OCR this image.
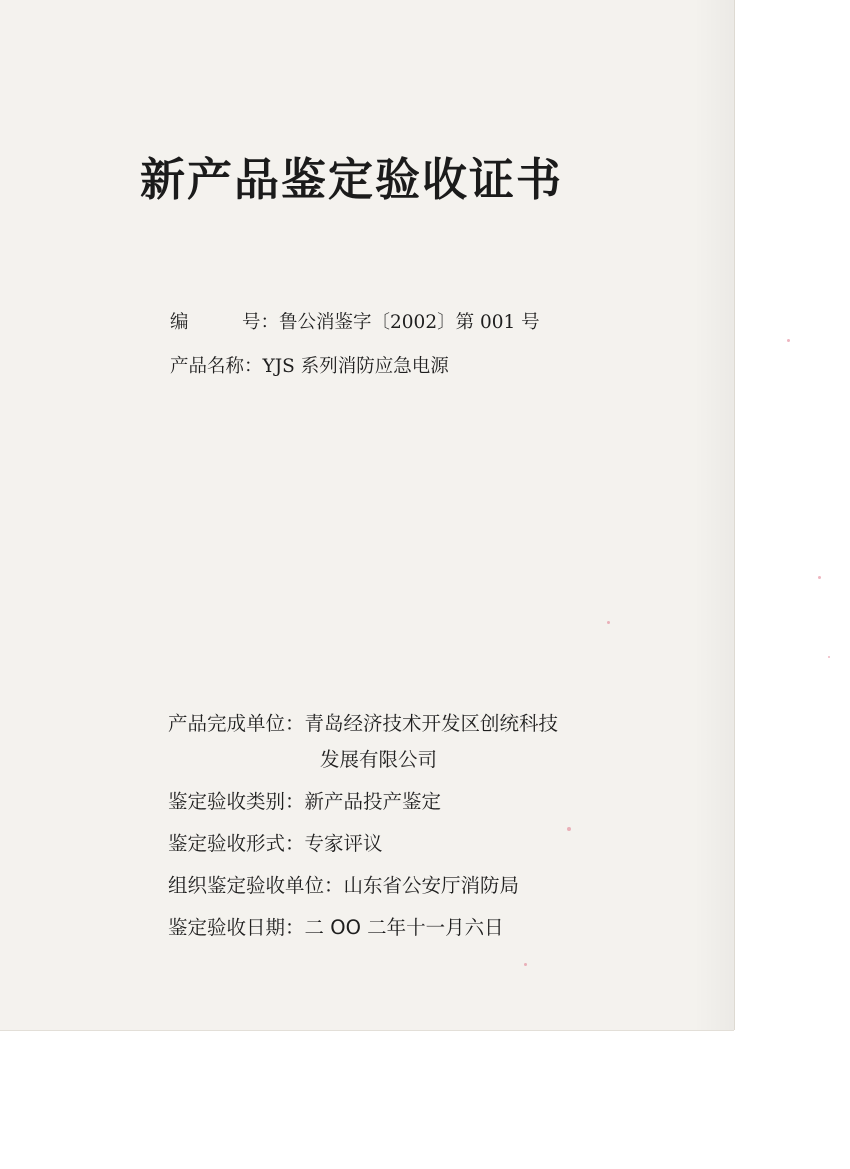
新产品鉴定验收证书
编	号：鲁公消鉴字〔2002〕第 001 号
产品名称：YJS 系列消防应急电源
产品完成单位：青岛经济技术开发区创统科技
发展有限公司
鉴定验收类别：新产品投产鉴定
鉴定验收形式：专家评议
组织鉴定验收单位：山东省公安厅消防局
鉴定验收日期：二 OO 二年十一月六日
